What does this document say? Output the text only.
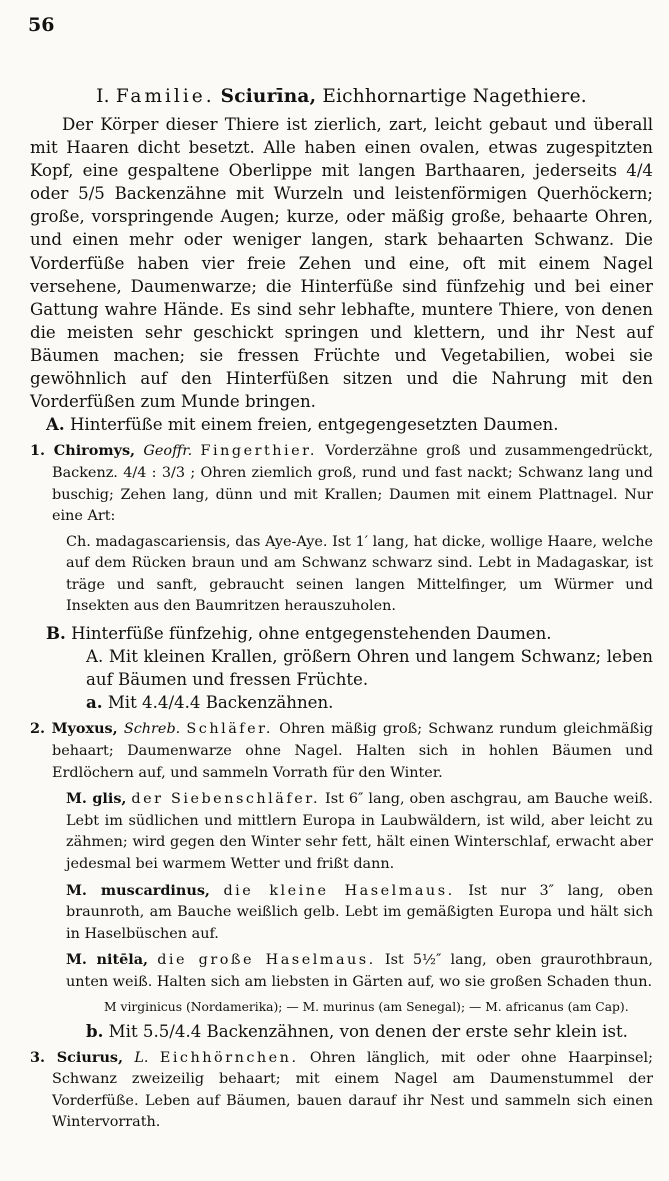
56
I. Familie. Sciurīna, Eichhornartige Nagethiere.

Der Körper dieser Thiere ist zierlich, zart, leicht gebaut und überall mit Haaren dicht besetzt. Alle haben einen ovalen, etwas zugespitzten Kopf, eine gespaltene Oberlippe mit langen Barthaaren, jederseits 4/4 oder 5/5 Backenzähne mit Wurzeln und leistenförmigen Querhöckern; große, vorspringende Augen; kurze, oder mäßig große, behaarte Ohren, und einen mehr oder weniger langen, stark behaarten Schwanz. Die Vorderfüße haben vier freie Zehen und eine, oft mit einem Nagel versehene, Daumenwarze; die Hinterfüße sind fünfzehig und bei einer Gattung wahre Hände. Es sind sehr lebhafte, muntere Thiere, von denen die meisten sehr geschickt springen und klettern, und ihr Nest auf Bäumen machen; sie fressen Früchte und Vegetabilien, wobei sie gewöhnlich auf den Hinterfüßen sitzen und die Nahrung mit den Vorderfüßen zum Munde bringen.

A. Hinterfüße mit einem freien, entgegengesetzten Daumen.
1. Chiromys, Geoffr. Fingerthier. Vorderzähne groß und zusammengedrückt, Backenz. 4/4 : 3/3 ; Ohren ziemlich groß, rund und fast nackt; Schwanz lang und buschig; Zehen lang, dünn und mit Krallen; Daumen mit einem Plattnagel. Nur eine Art:
Ch. madagascariensis, das Aye-Aye. Ist 1′ lang, hat dicke, wollige Haare, welche auf dem Rücken braun und am Schwanz schwarz sind. Lebt in Madagaskar, ist träge und sanft, gebraucht seinen langen Mittelfinger, um Würmer und Insekten aus den Baumritzen herauszuholen.
B. Hinterfüße fünfzehig, ohne entgegenstehenden Daumen.
A. Mit kleinen Krallen, größern Ohren und langem Schwanz; leben auf Bäumen und fressen Früchte.
a. Mit 4.4/4.4 Backenzähnen.
2. Myoxus, Schreb. Schläfer. Ohren mäßig groß; Schwanz rundum gleichmäßig behaart; Daumenwarze ohne Nagel. Halten sich in hohlen Bäumen und Erdlöchern auf, und sammeln Vorrath für den Winter.
M. glis, der Siebenschläfer. Ist 6″ lang, oben aschgrau, am Bauche weiß. Lebt im südlichen und mittlern Europa in Laubwäldern, ist wild, aber leicht zu zähmen; wird gegen den Winter sehr fett, hält einen Winterschlaf, erwacht aber jedesmal bei warmem Wetter und frißt dann.
M. muscardinus, die kleine Haselmaus. Ist nur 3″ lang, oben braunroth, am Bauche weißlich gelb. Lebt im gemäßigten Europa und hält sich in Haselbüschen auf.
M. nitēla, die große Haselmaus. Ist 5½″ lang, oben graurothbraun, unten weiß. Halten sich am liebsten in Gärten auf, wo sie großen Schaden thun.
M virginicus (Nordamerika); — M. murinus (am Senegal); — M. africanus (am Cap).
b. Mit 5.5/4.4 Backenzähnen, von denen der erste sehr klein ist.
3. Sciurus, L. Eichhörnchen. Ohren länglich, mit oder ohne Haarpinsel; Schwanz zweizeilig behaart; mit einem Nagel am Daumenstummel der Vorderfüße. Leben auf Bäumen, bauen darauf ihr Nest und sammeln sich einen Wintervorrath.
